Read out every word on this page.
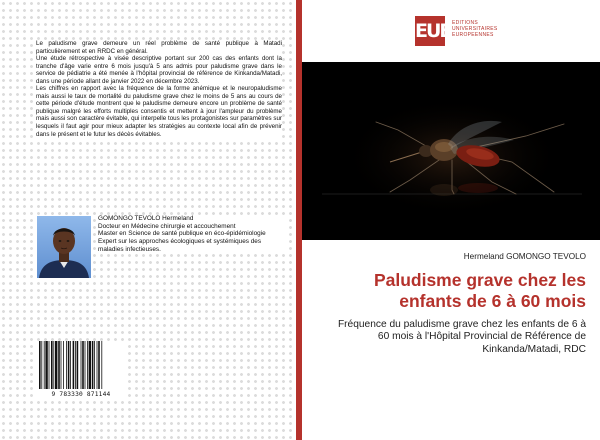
Le paludisme grave demeure un réel problème de santé publique à Matadi particulièrement et en RRDC en général.

Une étude rétrospective à visée descriptive portant sur 200 cas des enfants dont la tranche d'âge varie entre 6 mois jusqu'à 5 ans admis pour paludisme grave dans le service de pédiatrie a été menée à l'hôpital provincial de référence de Kinkanda/Matadi, dans une période allant de janvier 2022 en décembre 2023.

Les chiffres en rapport avec la fréquence de la forme anémique et le neuropaludisme mais aussi le taux de mortalité du paludisme grave chez le moins de 5 ans au cours de cette période d'étude montrent que le paludisme demeure encore un problème de santé publique malgré les efforts multiples consentis et mettent à jour l'ampleur du problème mais aussi son caractère évitable, qui interpelle tous les protagonistes sur paramètres sur lesquels il faut agir pour mieux adapter les stratégies au contexte local afin de prévenir dans le présent et le futur les décès évitables.

GOMONGO TEVOLO Hermeland
Docteur en Médecine chirurgie et accouchement
Master en Science de santé publique en éco-épidémiologie
Expert sur les approches écologiques et systémiques des maladies infectieuses.
9 783330 871144
EUE EDITIONS
UNIVERSITAIRES
EUROPEENNES
Hermeland GOMONGO TEVOLO
Paludisme grave chez les enfants de 6 à 60 mois
Fréquence du paludisme grave chez les enfants de 6 à 60 mois à l'Hôpital Provincial de Référence de Kinkanda/Matadi, RDC
